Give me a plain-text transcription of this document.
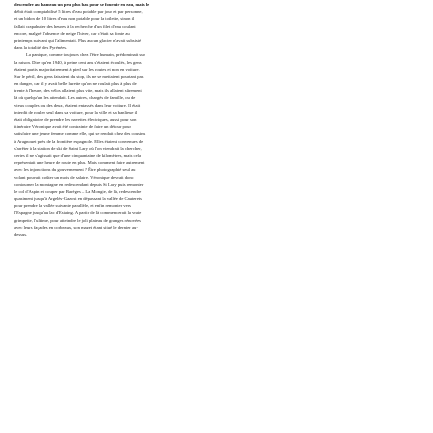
descendre au hameau un peu plus bas pour se fournir en eau, mais le
débit était comptabilisé 5 litres d'eau potable par jour et par personne,
et un bidon de 10 litres d'eau non potable pour la toilette, sinon il
fallait crapahuter des heures à la recherche d'un filet d'eau coulant
encore, malgré l'absence de neige l'hiver, car c'était sa fonte au
printemps suivant qui l'alimentait. Plus aucun glacier n'avait subsisté
dans la totalité des Pyrénées.
La panique, comme toujours chez l'être humain, prédominait sur
la raison. Dire qu'en 1940, à peine cent ans s'étaient écoulés, les gens
étaient partis majoritairement à pied sur les routes et non en voiture.
Sur le péril, des gens faisaient du stop, ils ne se mettaient pourtant pas
en danger, car il y avait belle lurette qu'on ne roulait plus à plus de
trente à l'heure, des vélos allaient plus vite, mais ils allaient sûrement
là où quelqu'un les attendait. Les autres, chargés de famille, ou de
vieux couples ou des deux, étaient entassés dans leur voiture. Il était
interdit de rouler seul dans sa voiture, pour la ville et sa banlieue il
était obligatoire de prendre les navettes électriques, aussi pour son
itinéraire Véronique avait été contrainte de faire un détour pour
satisfaire une jeune femme comme elle, qui se rendait chez des cousins
à Aragnouet près de la frontière espagnole. Elles étaient convenues de
s'arrêter à la station de ski de Saint Lary où l'on viendrait la chercher,
certes il ne s'agissait que d'une cinquantaine de kilomètres, mais cela
représentait une heure de route en plus. Mais comment faire autrement
avec les injonctions du gouvernement ? Être photographié seul au
volant pouvait coûter un mois de salaire. Véronique devrait donc
contourner la montagne en redescendant depuis St Lary puis remonter
le col d'Aspin et couper par Barèges – La Mongie, de là, redescendre
quasiment jusqu'à Argelès-Gazost en dépassant la vallée de Cauterets
pour prendre la vallée suivante parallèle, et enfin remonter vers
l'Espagne jusqu'au lac d'Estaing. A partir de là commencerait la vraie
grimpette, l'ultime, pour atteindre le joli plateau de granges rénovées
avec leurs façades en corbeaux, son mazet étant situé le dernier au-
dessus.
